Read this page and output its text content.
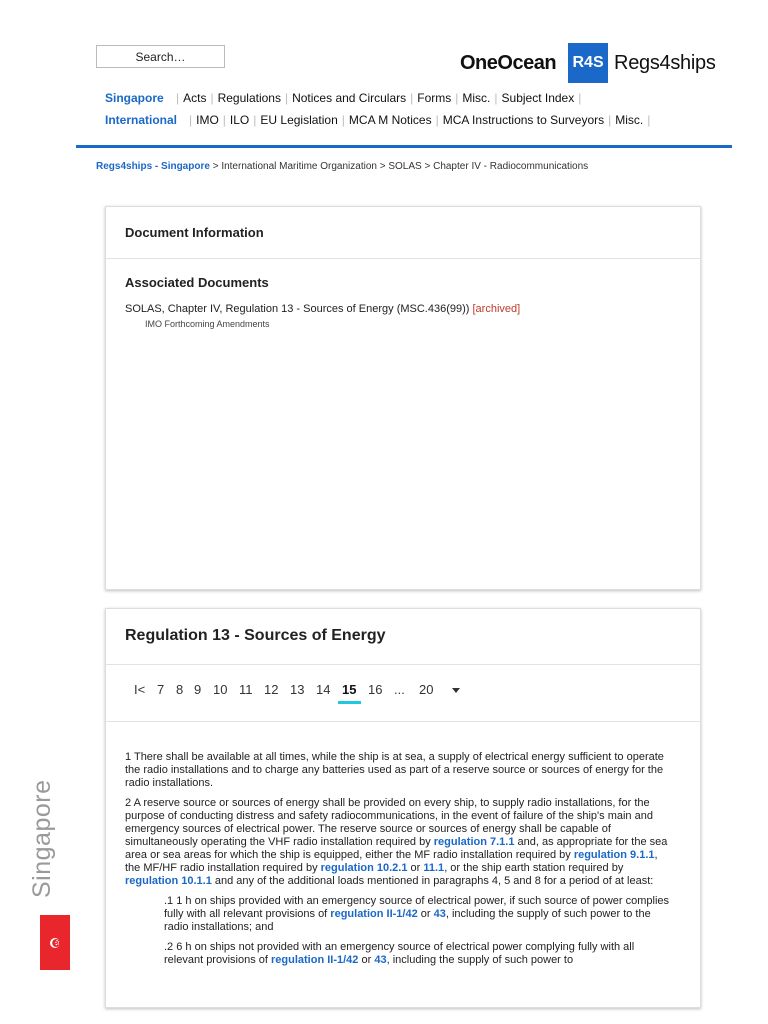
Search…	OneOcean R4S Regs4ships
Singapore | Acts | Regulations | Notices and Circulars | Forms | Misc. | Subject Index |
International | IMO | ILO | EU Legislation | MCA M Notices | MCA Instructions to Surveyors | Misc. |
Regs4ships - Singapore > International Maritime Organization > SOLAS > Chapter IV - Radiocommunications
Document Information
Associated Documents
SOLAS, Chapter IV, Regulation 13 - Sources of Energy (MSC.436(99)) [archived]
IMO Forthcoming Amendments
Regulation 13 - Sources of Energy
I< 7 8 9 10 11 12 13 14 15 16 ... 20

1 There shall be available at all times, while the ship is at sea, a supply of electrical energy sufficient to operate the radio installations and to charge any batteries used as part of a reserve source or sources of energy for the radio installations.

2 A reserve source or sources of energy shall be provided on every ship, to supply radio installations, for the purpose of conducting distress and safety radiocommunications, in the event of failure of the ship's main and emergency sources of electrical power. The reserve source or sources of energy shall be capable of simultaneously operating the VHF radio installation required by regulation 7.1.1 and, as appropriate for the sea area or sea areas for which the ship is equipped, either the MF radio installation required by regulation 9.1.1, the MF/HF radio installation required by regulation 10.2.1 or 11.1, or the ship earth station required by regulation 10.1.1 and any of the additional loads mentioned in paragraphs 4, 5 and 8 for a period of at least:

.1 1 h on ships provided with an emergency source of electrical power, if such source of power complies fully with all relevant provisions of regulation II-1/42 or 43, including the supply of such power to the radio installations; and

.2 6 h on ships not provided with an emergency source of electrical power complying fully with all relevant provisions of regulation II-1/42 or 43, including the supply of such power to

Singapore
